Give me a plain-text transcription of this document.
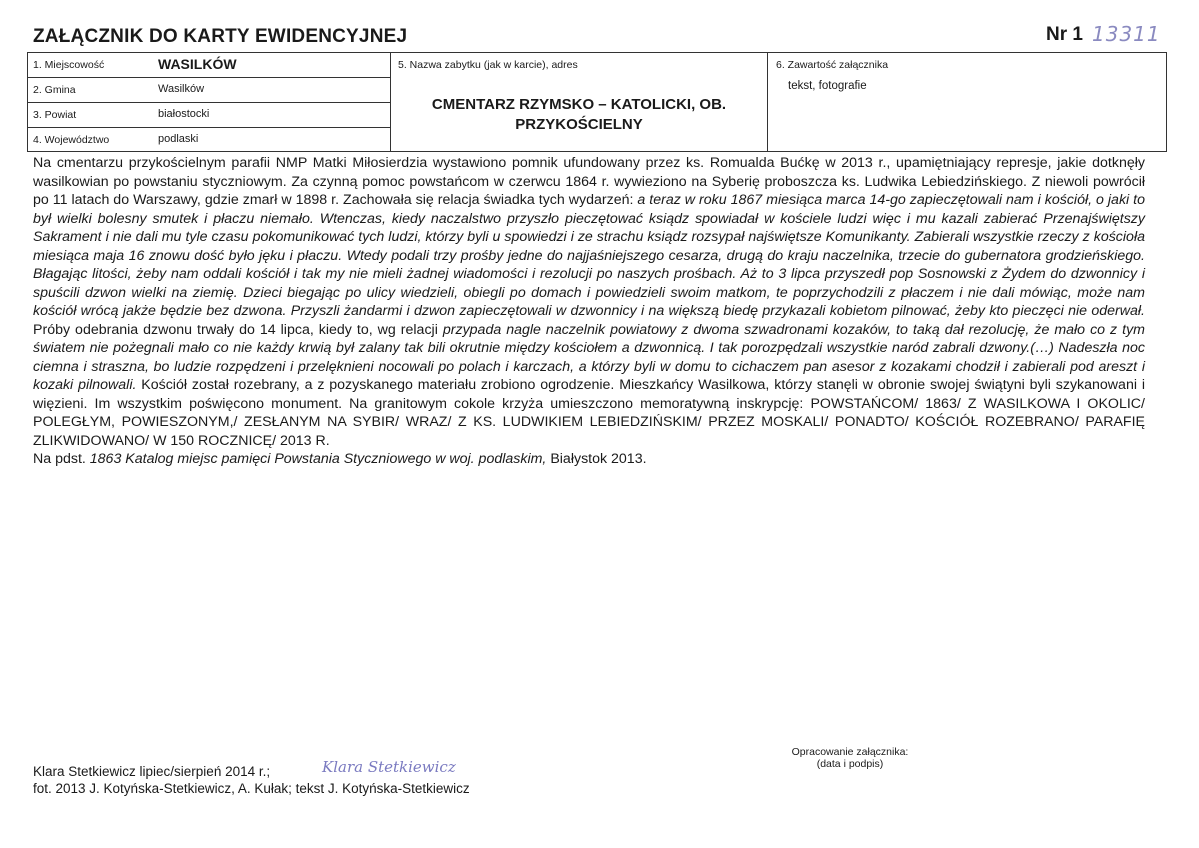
ZAŁĄCZNIK DO KARTY EWIDENCYJNEJ	Nr 1 13311
1. Miejscowość	WASILKÓW
2. Gmina	Wasilków
3. Powiat	białostocki
4. Województwo	podlaski
5. Nazwa zabytku (jak w karcie), adres
CMENTARZ RZYMSKO – KATOLICKI, OB.
PRZYKOŚCIELNY
6. Zawartość załącznika
tekst, fotografie

Na cmentarzu przykościelnym parafii NMP Matki Miłosierdzia wystawiono pomnik ufundowany przez ks. Romualda Bućkę w 2013 r., upamiętniający represje, jakie dotknęły wasilkowian po powstaniu styczniowym. Za czynną pomoc powstańcom w czerwcu 1864 r. wywieziono na Syberię proboszcza ks. Ludwika Lebiedzińskiego. Z niewoli powrócił po 11 latach do Warszawy, gdzie zmarł w 1898 r. Zachowała się relacja świadka tych wydarzeń: a teraz w roku 1867 miesiąca marca 14-go zapieczętowali nam i kościół, o jaki to był wielki bolesny smutek i płaczu niemało. Wtenczas, kiedy naczalstwo przyszło pieczętować ksiądz spowiadał w kościele ludzi więc i mu kazali zabierać Przenajświętszy Sakrament i nie dali mu tyle czasu pokomunikować tych ludzi, którzy byli u spowiedzi i ze strachu ksiądz rozsypał najświętsze Komunikanty. Zabierali wszystkie rzeczy z kościoła miesiąca maja 16 znowu dość było jęku i płaczu. Wtedy podali trzy prośby jedne do najjaśniejszego cesarza, drugą do kraju naczelnika, trzecie do gubernatora grodzieńskiego. Błagając litości, żeby nam oddali kościół i tak my nie mieli żadnej wiadomości i rezolucji po naszych prośbach. Aż to 3 lipca przyszedł pop Sosnowski z Żydem do dzwonnicy i spuścili dzwon wielki na ziemię. Dzieci biegając po ulicy wiedzieli, obiegli po domach i powiedzieli swoim matkom, te poprzychodzili z płaczem i nie dali mówiąc, może nam kościół wrócą jakże będzie bez dzwona. Przyszli żandarmi i dzwon zapieczętowali w dzwonnicy i na większą biedę przykazali kobietom pilnować, żeby kto pieczęci nie oderwał. Próby odebrania dzwonu trwały do 14 lipca, kiedy to, wg relacji przypada nagle naczelnik powiatowy z dwoma szwadronami kozaków, to taką dał rezolucję, że mało co z tym światem nie pożegnali mało co nie każdy krwią był zalany tak bili okrutnie między kościołem a dzwonnicą. I tak porozpędzali wszystkie naród zabrali dzwony.(…) Nadeszła noc ciemna i straszna, bo ludzie rozpędzeni i przelęknieni nocowali po polach i karczach, a którzy byli w domu to cichaczem pan asesor z kozakami chodził i zabierali pod areszt i kozaki pilnowali. Kościół został rozebrany, a z pozyskanego materiału zrobiono ogrodzenie. Mieszkańcy Wasilkowa, którzy stanęli w obronie swojej świątyni byli szykanowani i więzieni. Im wszystkim poświęcono monument. Na granitowym cokole krzyża umieszczono memoratywną inskrypcję: POWSTAŃCOM/ 1863/ Z WASILKOWA I OKOLIC/ POLEGŁYM, POWIESZONYM,/ ZESŁANYM NA SYBIR/ WRAZ/ Z KS. LUDWIKIEM LEBIEDZIŃSKIM/ PRZEZ MOSKALI/ PONADTO/ KOŚCIÓŁ ROZEBRANO/ PARAFIĘ ZLIKWIDOWANO/ W 150 ROCZNICĘ/ 2013 R.

Na pdst. 1863 Katalog miejsc pamięci Powstania Styczniowego w woj. podlaskim, Białystok 2013.

Klara Stetkiewicz lipiec/sierpień 2014 r.;	Klara Stetkiewicz
fot. 2013 J. Kotyńska-Stetkiewicz, A. Kułak; tekst J. Kotyńska-Stetkiewicz
Opracowanie załącznika:
(data i podpis)
